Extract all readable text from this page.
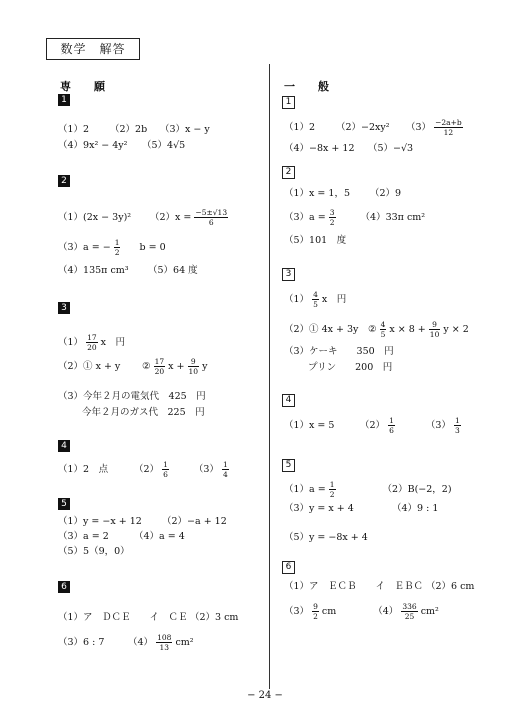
数学　解答
専　願
1
（1）2 （2）2b （3）x − y
（4）9x² − 4y² （5）4√5
2
（1）(2x − 3y)² $(2)x = \frac{-5\pm√13}{6}$
（3）a = − $\frac{1}{2}$ b = 0
（4）135π cm³ （5）64 度
3
$(1) \frac{17}{20}$ x　円
（2）① x + y ② $\frac{17}{20}$ $x + \frac{9}{10}$ y
（3）今年２月の電気代　425　円
今年２月のガス代　225　円
4
（1）2　点	$(2) \frac{1}{6}$	$(3) \frac{1}{4}$
5
（1）y = −x + 12 （2）−a + 12
（3）a = 2	（4）a = 4
（5）5（9，0）
6
（1）ア　ＤＣＥ　　イ　ＣＥ （2）3 cm
（3）6 : 7 $(4) \frac{108}{13} cm^2$
一　般
1
（1）2 （2）−2xy² $(3) \frac{-2a+b}{12}$
（4）−8x + 12 （5）−√3
2
（1）x = 1，5 （2）9
$(3)a = \frac{3}{2}$	（4）33π cm²
（5）101　度
3
$(1) \frac{4}{5}$ x　円
（2）① 4x + 3y ② $\frac{4}{5}$ $x \times 8 + \frac{9}{10}$ y × 2
（3）ケーキ　　350　円
プリン　　200　円
4
（1）x = 5	$(2) \frac{1}{6}$	$(3) \frac{1}{3}$
5
$(1)a = \frac{1}{2}$	（2）B(−2，2)
（3）y = x + 4	（4）9 : 1
（5）y = −8x + 4
6
（1）ア　ＥＣＢ　　イ　ＥＢＣ （2）6 cm
$(3) \frac{9}{2}$ cm	$(4) \frac{336}{25} cm^2$
− 24 −
